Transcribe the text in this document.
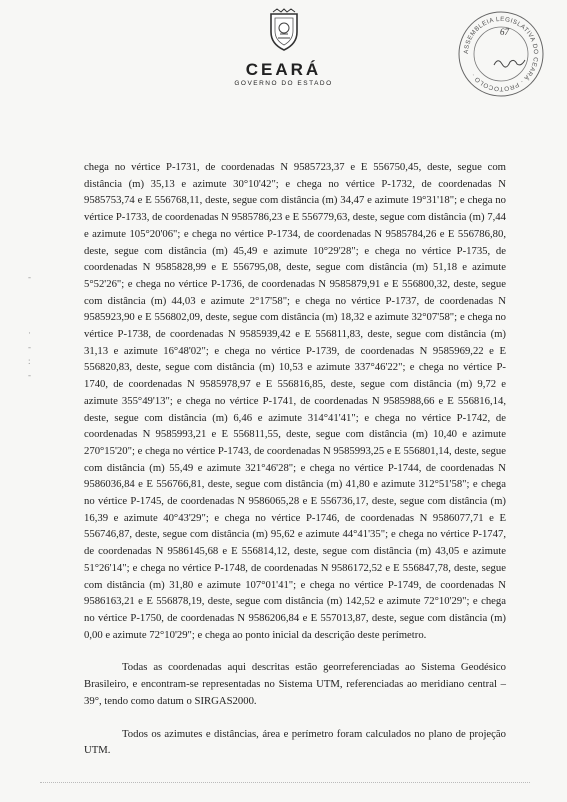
CEARÁ
GOVERNO DO ESTADO
ASSEMBLEIA LEGISLATIVA DO CEARÁ · PROTOCOLO ·
67
-

·
-
:
-

chega no vértice P-1731, de coordenadas N 9585723,37 e E 556750,45, deste, segue com distância (m) 35,13 e azimute 30°10'42"; e chega no vértice P-1732, de coordenadas N 9585753,74 e E 556768,11, deste, segue com distância (m) 34,47 e azimute 19°31'18"; e chega no vértice P-1733, de coordenadas N 9585786,23 e E 556779,63, deste, segue com distância (m) 7,44 e azimute 105°20'06"; e chega no vértice P-1734, de coordenadas N 9585784,26 e E 556786,80, deste, segue com distância (m) 45,49 e azimute 10°29'28"; e chega no vértice P-1735, de coordenadas N 9585828,99 e E 556795,08, deste, segue com distância (m) 51,18 e azimute 5°52'26"; e chega no vértice P-1736, de coordenadas N 9585879,91 e E 556800,32, deste, segue com distância (m) 44,03 e azimute 2°17'58"; e chega no vértice P-1737, de coordenadas N 9585923,90 e E 556802,09, deste, segue com distância (m) 18,32 e azimute 32°07'58"; e chega no vértice P-1738, de coordenadas N 9585939,42 e E 556811,83, deste, segue com distância (m) 31,13 e azimute 16°48'02"; e chega no vértice P-1739, de coordenadas N 9585969,22 e E 556820,83, deste, segue com distância (m) 10,53 e azimute 337°46'22"; e chega no vértice P-1740, de coordenadas N 9585978,97 e E 556816,85, deste, segue com distância (m) 9,72 e azimute 355°49'13"; e chega no vértice P-1741, de coordenadas N 9585988,66 e E 556816,14, deste, segue com distância (m) 6,46 e azimute 314°41'41"; e chega no vértice P-1742, de coordenadas N 9585993,21 e E 556811,55, deste, segue com distância (m) 10,40 e azimute 270°15'20"; e chega no vértice P-1743, de coordenadas N 9585993,25 e E 556801,14, deste, segue com distância (m) 55,49 e azimute 321°46'28"; e chega no vértice P-1744, de coordenadas N 9586036,84 e E 556766,81, deste, segue com distância (m) 41,80 e azimute 312°51'58"; e chega no vértice P-1745, de coordenadas N 9586065,28 e E 556736,17, deste, segue com distância (m) 16,39 e azimute 40°43'29"; e chega no vértice P-1746, de coordenadas N 9586077,71 e E 556746,87, deste, segue com distância (m) 95,62 e azimute 44°41'35"; e chega no vértice P-1747, de coordenadas N 9586145,68 e E 556814,12, deste, segue com distância (m) 43,05 e azimute 51°26'14"; e chega no vértice P-1748, de coordenadas N 9586172,52 e E 556847,78, deste, segue com distância (m) 31,80 e azimute 107°01'41"; e chega no vértice P-1749, de coordenadas N 9586163,21 e E 556878,19, deste, segue com distância (m) 142,52 e azimute 72°10'29"; e chega no vértice P-1750, de coordenadas N 9586206,84 e E 557013,87, deste, segue com distância (m) 0,00 e azimute 72°10'29"; e chega ao ponto inicial da descrição deste perímetro.

Todas as coordenadas aqui descritas estão georreferenciadas ao Sistema Geodésico Brasileiro, e encontram-se representadas no Sistema UTM, referenciadas ao meridiano central – 39°, tendo como datum o SIRGAS2000.

Todos os azimutes e distâncias, área e perímetro foram calculados no plano de projeção UTM.
